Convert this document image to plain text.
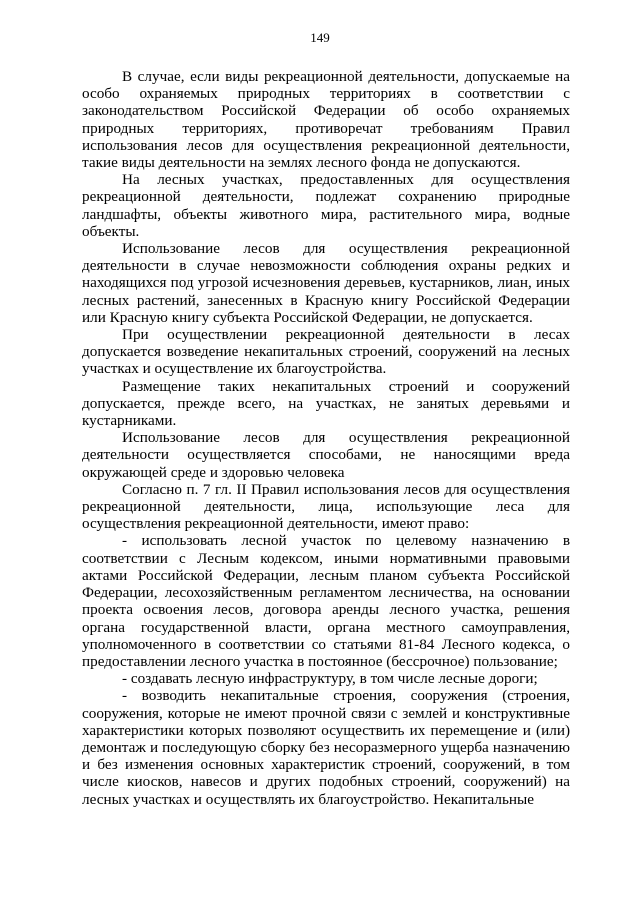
149

В случае, если виды рекреационной деятельности, допускаемые на особо охраняемых природных территориях в соответствии с законодательством Российской Федерации об особо охраняемых природных территориях, противоречат требованиям Правил использования лесов для осуществления рекреационной деятельности, такие виды деятельности на землях лесного фонда не допускаются.

На лесных участках, предоставленных для осуществления рекреационной деятельности, подлежат сохранению природные ландшафты, объекты животного мира, растительного мира, водные объекты.

Использование лесов для осуществления рекреационной деятельности в случае невозможности соблюдения охраны редких и находящихся под угрозой исчезновения деревьев, кустарников, лиан, иных лесных растений, занесенных в Красную книгу Российской Федерации или Красную книгу субъекта Российской Федерации, не допускается.

При осуществлении рекреационной деятельности в лесах допускается возведение некапитальных строений, сооружений на лесных участках и осуществление их благоустройства.

Размещение таких некапитальных строений и сооружений допускается, прежде всего, на участках, не занятых деревьями и кустарниками.

Использование лесов для осуществления рекреационной деятельности осуществляется способами, не наносящими вреда окружающей среде и здоровью человека

Согласно п. 7 гл. II Правил использования лесов для осуществления рекреационной деятельности, лица, использующие леса для осуществления рекреационной деятельности, имеют право:

- использовать лесной участок по целевому назначению в соответствии с Лесным кодексом, иными нормативными правовыми актами Российской Федерации, лесным планом субъекта Российской Федерации, лесохозяйственным регламентом лесничества, на основании проекта освоения лесов, договора аренды лесного участка, решения органа государственной власти, органа местного самоуправления, уполномоченного в соответствии со статьями 81-84 Лесного кодекса, о предоставлении лесного участка в постоянное (бессрочное) пользование;

- создавать лесную инфраструктуру, в том числе лесные дороги;

- возводить некапитальные строения, сооружения (строения, сооружения, которые не имеют прочной связи с землей и конструктивные характеристики которых позволяют осуществить их перемещение и (или) демонтаж и последующую сборку без несоразмерного ущерба назначению и без изменения основных характеристик строений, сооружений, в том числе киосков, навесов и других подобных строений, сооружений) на лесных участках и осуществлять их благоустройство. Некапитальные
